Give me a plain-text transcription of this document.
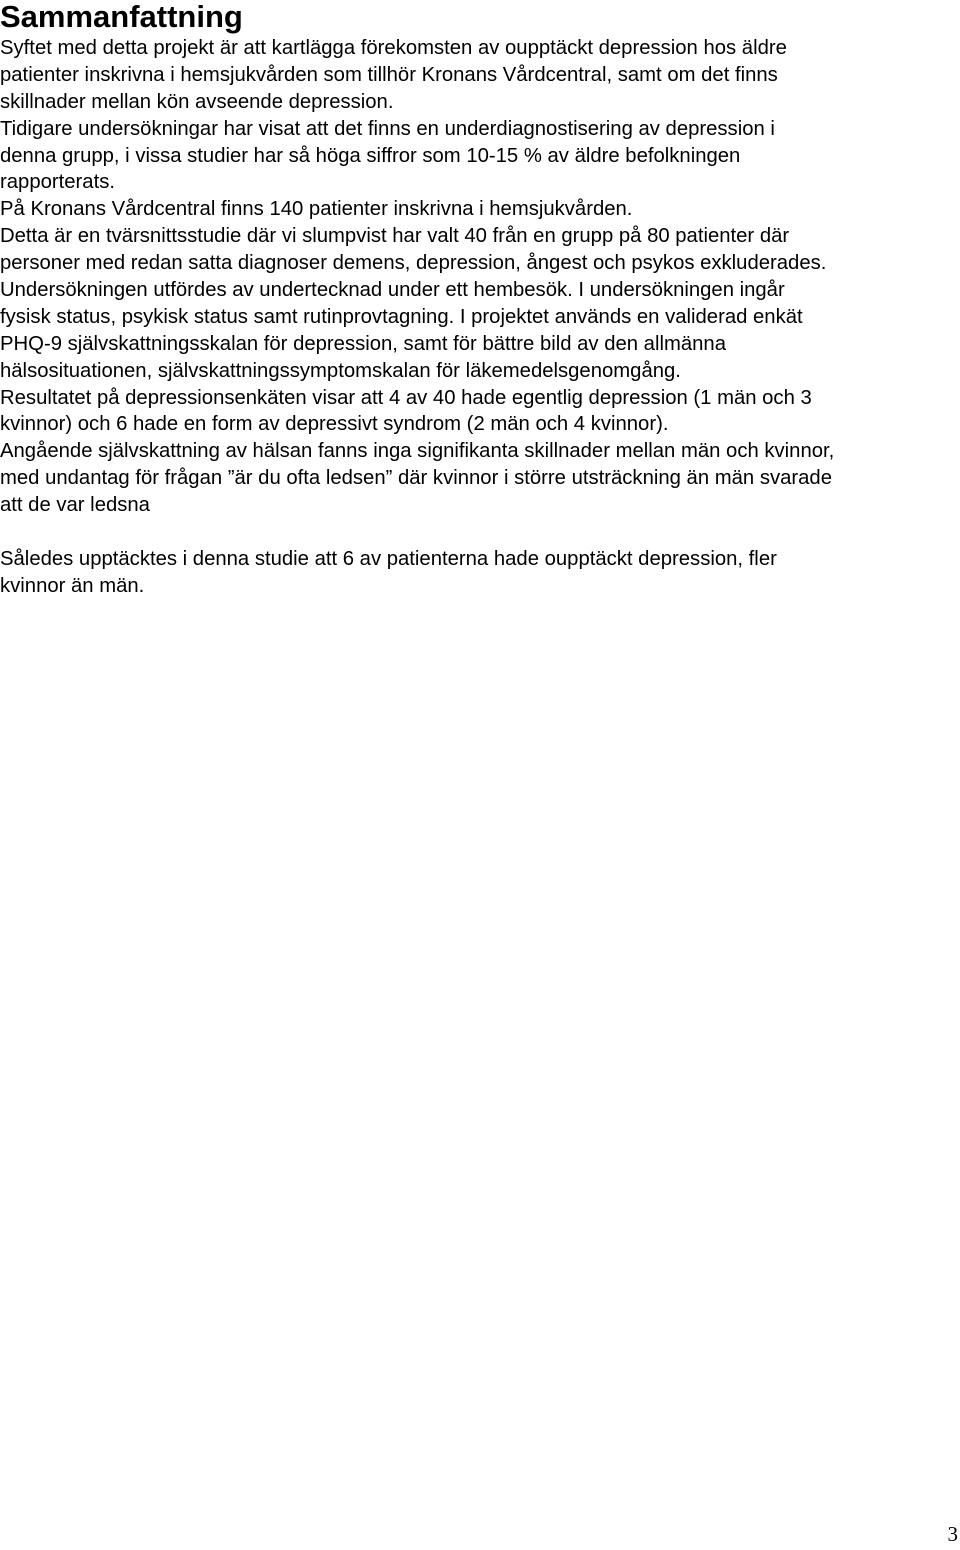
Sammanfattning
Syftet med detta projekt är att kartlägga förekomsten av oupptäckt depression hos äldre
patienter inskrivna i hemsjukvården som tillhör Kronans Vårdcentral, samt om det finns
skillnader mellan kön avseende depression.
Tidigare undersökningar har visat att det finns en underdiagnostisering av depression i
denna grupp, i vissa studier har så höga siffror som 10-15 % av äldre befolkningen
rapporterats.
På Kronans Vårdcentral finns 140 patienter inskrivna i hemsjukvården.
Detta är en tvärsnittsstudie där vi slumpvist har valt 40 från en grupp på 80 patienter där
personer med redan satta diagnoser demens, depression, ångest och psykos exkluderades.
Undersökningen utfördes av undertecknad under ett hembesök. I undersökningen ingår
fysisk status, psykisk status samt rutinprovtagning. I projektet används en validerad enkät
PHQ-9 självskattningsskalan för depression, samt för bättre bild av den allmänna
hälsosituationen, självskattningssymptomskalan för läkemedelsgenomgång.
Resultatet på depressionsenkäten visar att 4 av 40 hade egentlig depression (1 män och 3
kvinnor) och 6 hade en form av depressivt syndrom (2 män och 4 kvinnor).
Angående självskattning av hälsan fanns inga signifikanta skillnader mellan män och kvinnor,
med undantag för frågan ”är du ofta ledsen” där kvinnor i större utsträckning än män svarade
att de var ledsna
Således upptäcktes i denna studie att 6 av patienterna hade oupptäckt depression, fler
kvinnor än män.
3
